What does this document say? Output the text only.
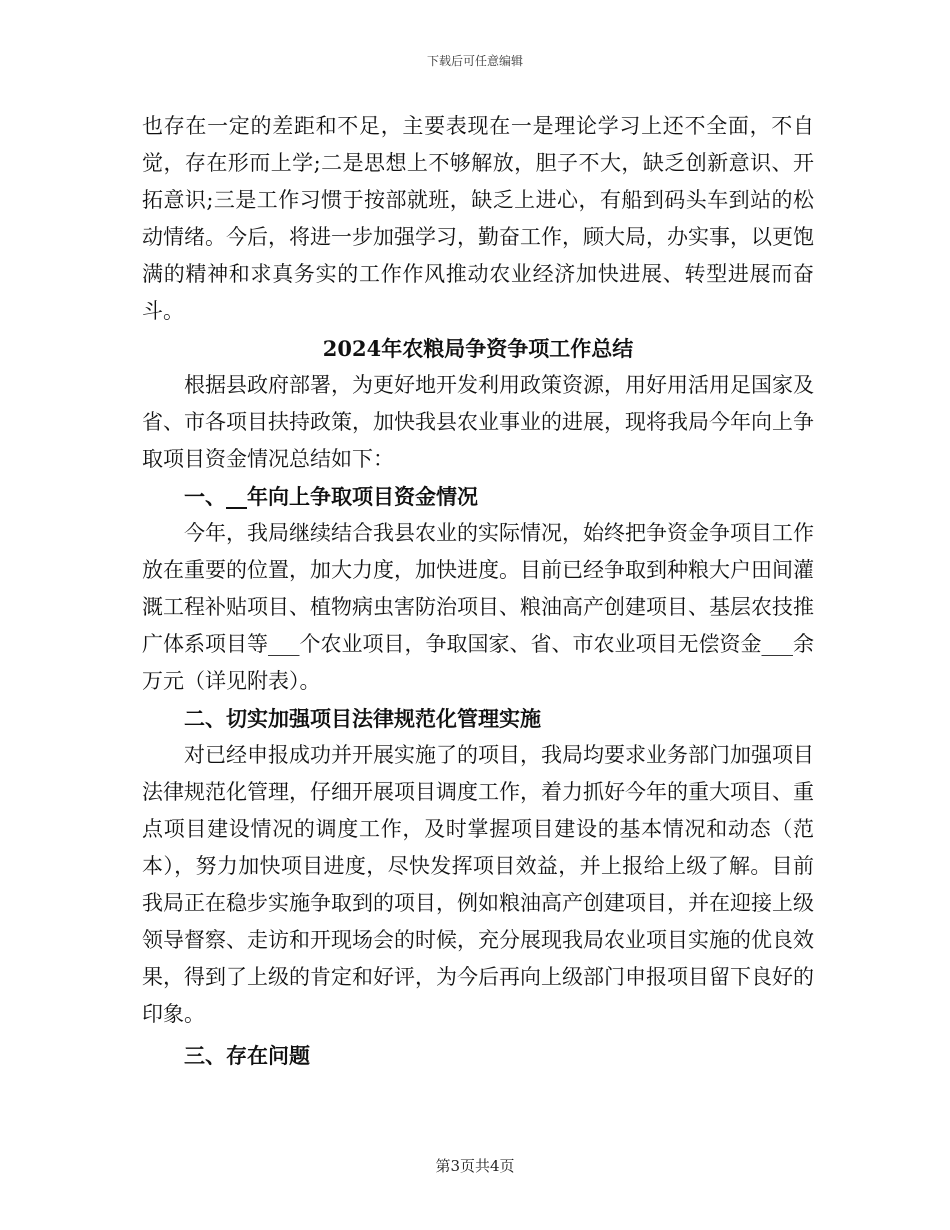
下载后可任意编辑

也存在一定的差距和不足，主要表现在一是理论学习上还不全面，不自觉，存在形而上学;二是思想上不够解放，胆子不大，缺乏创新意识、开拓意识;三是工作习惯于按部就班，缺乏上进心，有船到码头车到站的松动情绪。今后，将进一步加强学习，勤奋工作，顾大局，办实事，以更饱满的精神和求真务实的工作作风推动农业经济加快进展、转型进展而奋斗。

2024年农粮局争资争项工作总结

根据县政府部署，为更好地开发利用政策资源，用好用活用足国家及省、市各项目扶持政策，加快我县农业事业的进展，现将我局今年向上争取项目资金情况总结如下：

一、__年向上争取项目资金情况

今年，我局继续结合我县农业的实际情况，始终把争资金争项目工作放在重要的位置，加大力度，加快进度。目前已经争取到种粮大户田间灌溉工程补贴项目、植物病虫害防治项目、粮油高产创建项目、基层农技推广体系项目等___个农业项目，争取国家、省、市农业项目无偿资金___余万元（详见附表）。

二、切实加强项目法律规范化管理实施

对已经申报成功并开展实施了的项目，我局均要求业务部门加强项目法律规范化管理，仔细开展项目调度工作，着力抓好今年的重大项目、重点项目建设情况的调度工作，及时掌握项目建设的基本情况和动态（范本），努力加快项目进度，尽快发挥项目效益，并上报给上级了解。目前我局正在稳步实施争取到的项目，例如粮油高产创建项目，并在迎接上级领导督察、走访和开现场会的时候，充分展现我局农业项目实施的优良效果，得到了上级的肯定和好评，为今后再向上级部门申报项目留下良好的印象。

三、存在问题

第3页共4页
